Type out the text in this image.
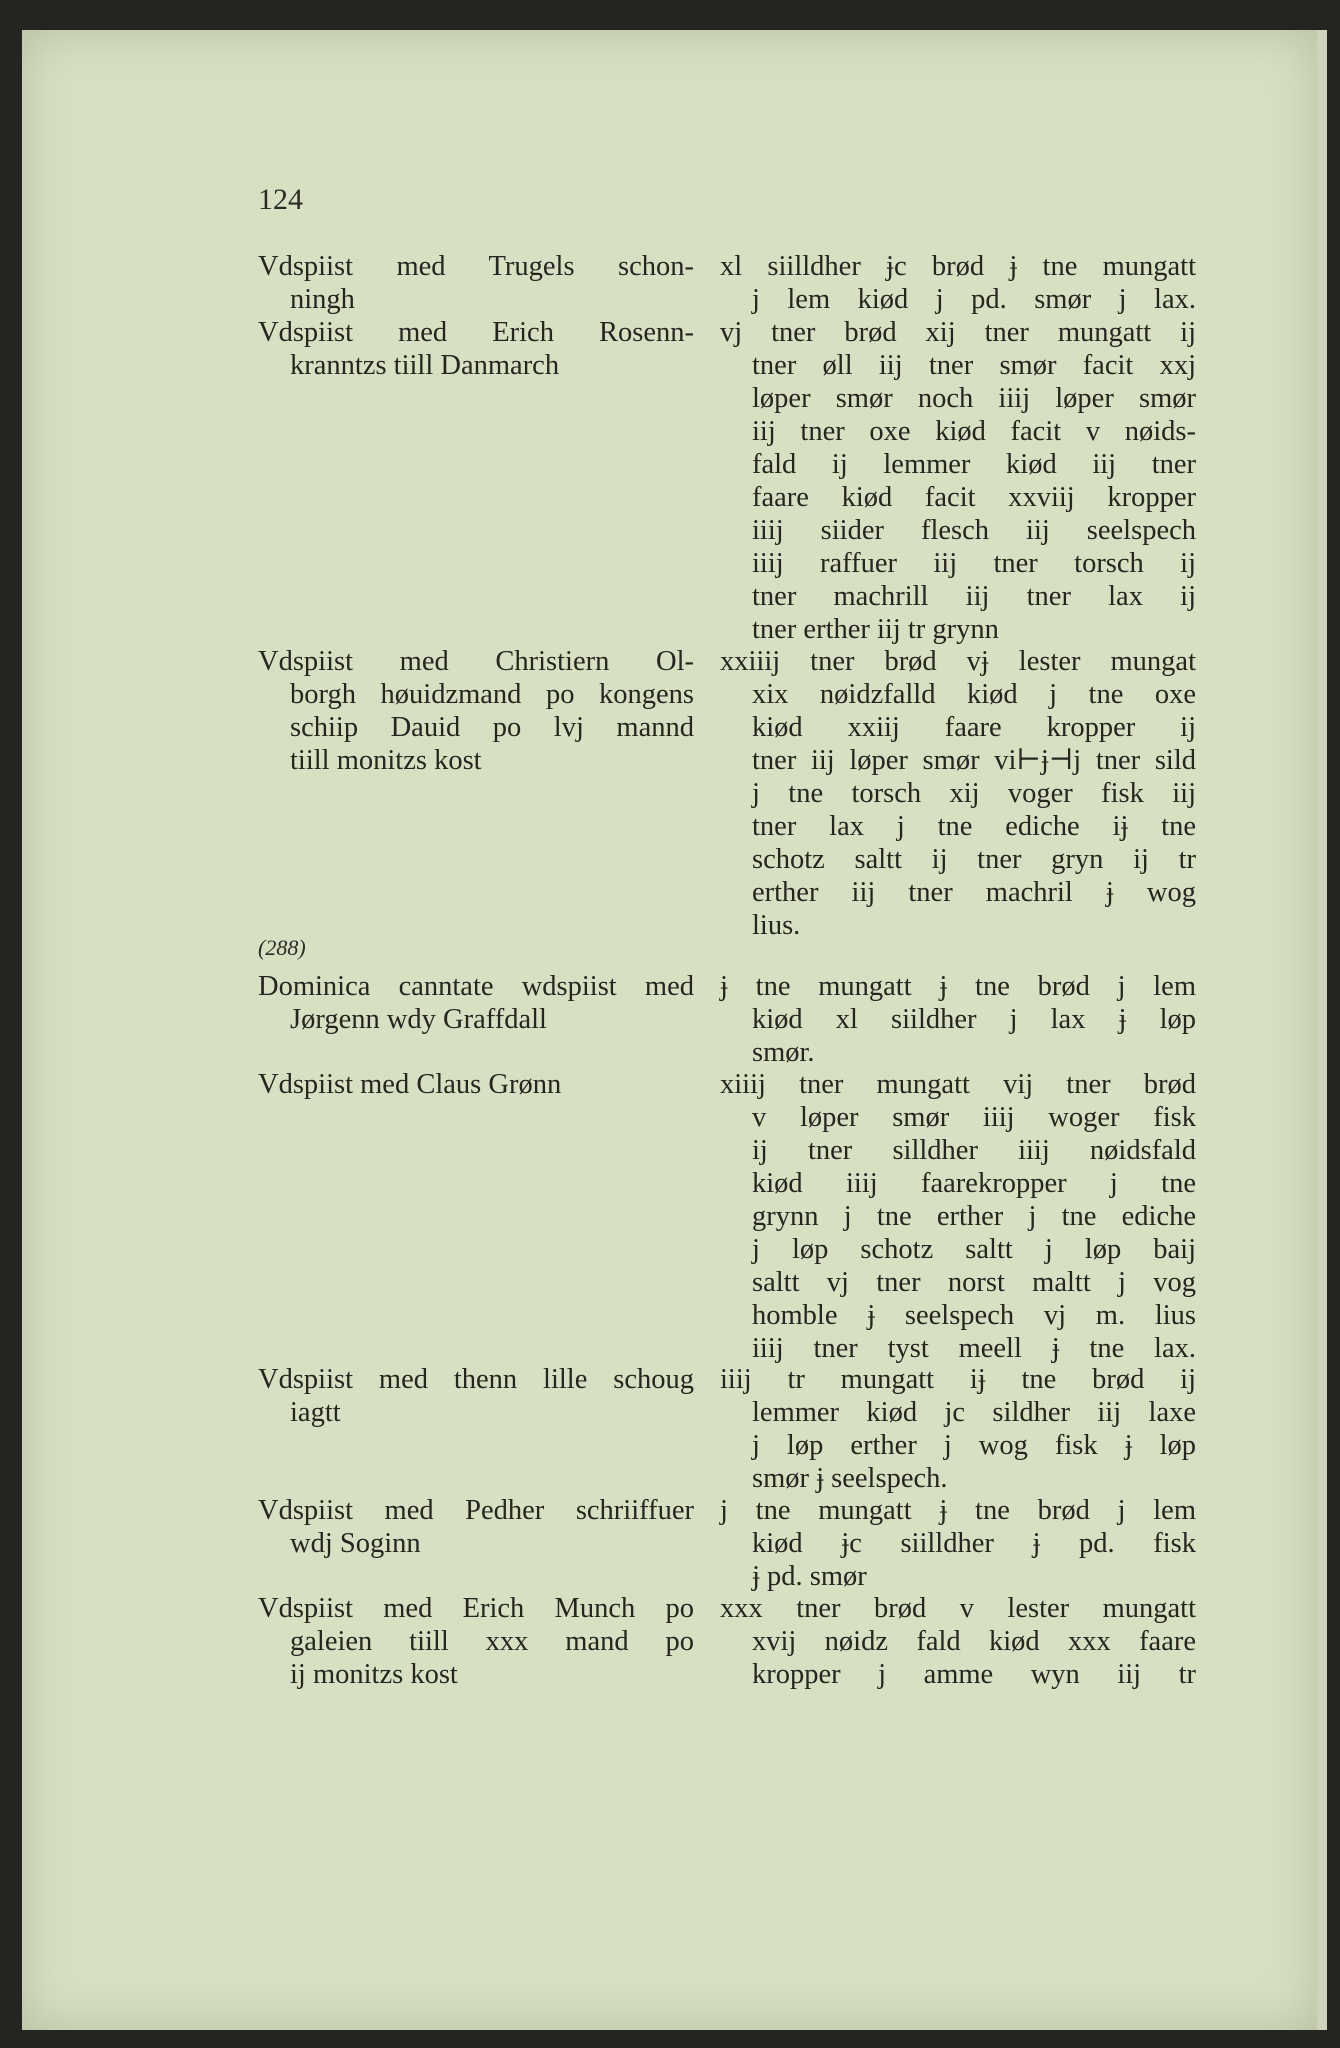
124
(288)
Vdspiist med Trugels schon-
ningh
xl siilldher ɉc brød ɉ tne mungatt
j lem kiød j pd. smør j lax.
Vdspiist med Erich Rosenn-
kranntzs tiill Danmarch
vj tner brød xij tner mungatt ij
tner øll iij tner smør facit xxj
løper smør noch iiij løper smør
iij tner oxe kiød facit v nøids-
fald ij lemmer kiød iij tner
faare kiød facit xxviij kropper
iiij siider flesch iij seelspech
iiij raffuer iij tner torsch ij
tner machrill iij tner lax ij
tner erther iij tr grynn
Vdspiist med Christiern Ol-
borgh høuidzmand po kongens
schiip Dauid po lvj mannd
tiill monitzs kost
xxiiij tner brød vɉ lester mungat
xix nøidzfalld kiød j tne oxe
kiød xxiij faare kropper ij
tner iij løper smør vi⊢ɉ⊣j tner sild
j tne torsch xij voger fisk iij
tner lax j tne ediche iɉ tne
schotz saltt ij tner gryn ij tr
erther iij tner machril ɉ wog
lius.
Dominica canntate wdspiist med
Jørgenn wdy Graffdall
ɉ tne mungatt ɉ tne brød j lem
kiød xl siildher j lax ɉ løp
smør.
Vdspiist med Claus Grønn	xiiij tner mungatt vij tner brød
v løper smør iiij woger fisk
ij tner silldher iiij nøidsfald
kiød iiij faarekropper j tne
grynn j tne erther j tne ediche
j løp schotz saltt j løp baij
saltt vj tner norst maltt j vog
homble ɉ seelspech vj m. lius
iiij tner tyst meell ɉ tne lax.
Vdspiist med thenn lille schoug
iagtt
iiij tr mungatt iɉ tne brød ij
lemmer kiød jc sildher iij laxe
j løp erther j wog fisk ɉ løp
smør ɉ seelspech.
Vdspiist med Pedher schriiffuer
wdj Soginn
j tne mungatt ɉ tne brød j lem
kiød ɉc siilldher ɉ pd. fisk
ɉ pd. smør
Vdspiist med Erich Munch po
galeien tiill xxx mand po
ij monitzs kost
xxx tner brød v lester mungatt
xvij nøidz fald kiød xxx faare
kropper j amme wyn iij tr
